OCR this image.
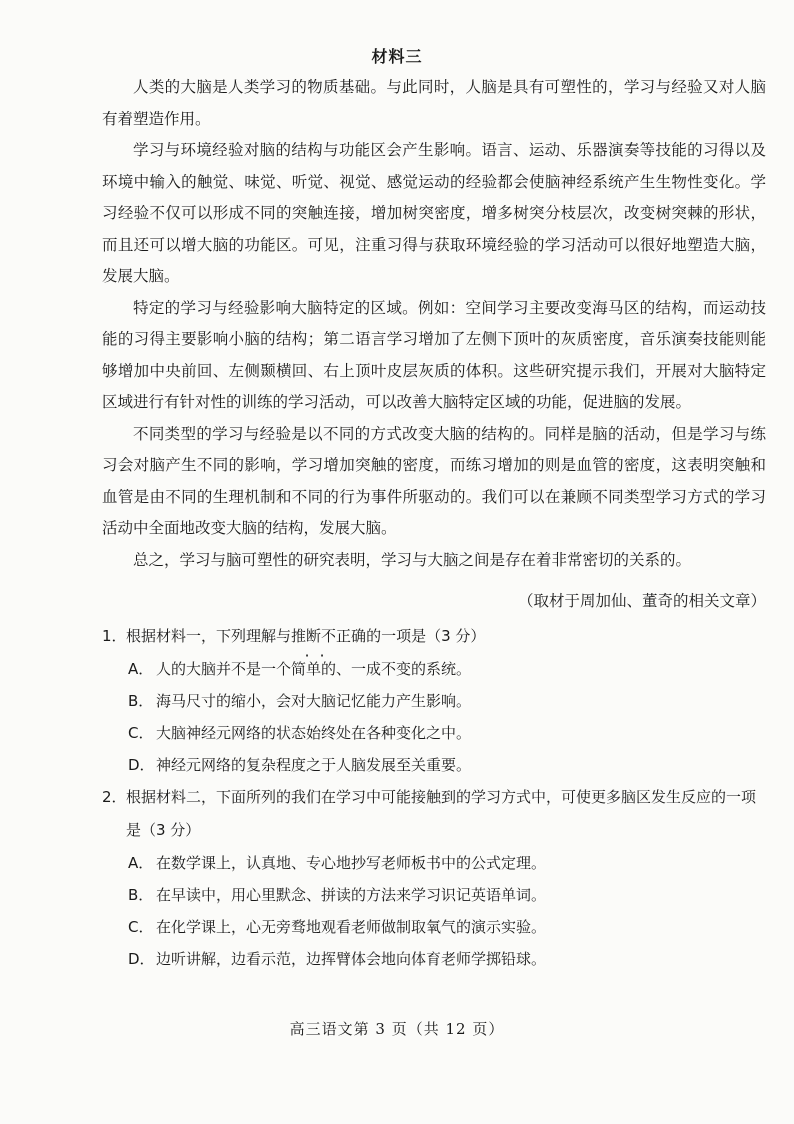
材料三

人类的大脑是人类学习的物质基础。与此同时，人脑是具有可塑性的，学习与经验又对人脑有着塑造作用。

学习与环境经验对脑的结构与功能区会产生影响。语言、运动、乐器演奏等技能的习得以及环境中输入的触觉、味觉、听觉、视觉、感觉运动的经验都会使脑神经系统产生生物性变化。学习经验不仅可以形成不同的突触连接，增加树突密度，增多树突分枝层次，改变树突棘的形状，而且还可以增大脑的功能区。可见，注重习得与获取环境经验的学习活动可以很好地塑造大脑，发展大脑。

特定的学习与经验影响大脑特定的区域。例如：空间学习主要改变海马区的结构，而运动技能的习得主要影响小脑的结构；第二语言学习增加了左侧下顶叶的灰质密度，音乐演奏技能则能够增加中央前回、左侧颞横回、右上顶叶皮层灰质的体积。这些研究提示我们，开展对大脑特定区域进行有针对性的训练的学习活动，可以改善大脑特定区域的功能，促进脑的发展。

不同类型的学习与经验是以不同的方式改变大脑的结构的。同样是脑的活动，但是学习与练习会对脑产生不同的影响，学习增加突触的密度，而练习增加的则是血管的密度，这表明突触和血管是由不同的生理机制和不同的行为事件所驱动的。我们可以在兼顾不同类型学习方式的学习活动中全面地改变大脑的结构，发展大脑。

总之，学习与脑可塑性的研究表明，学习与大脑之间是存在着非常密切的关系的。

（取材于周加仙、董奇的相关文章）
1．根据材料一，下列理解与推断不正确的一项是（3 分）
A． 人的大脑并不是一个简单的、一成不变的系统。
B． 海马尺寸的缩小，会对大脑记忆能力产生影响。
C． 大脑神经元网络的状态始终处在各种变化之中。
D．神经元网络的复杂程度之于人脑发展至关重要。
2．根据材料二，下面所列的我们在学习中可能接触到的学习方式中，可使更多脑区发生反应的一项是（3 分）
A． 在数学课上，认真地、专心地抄写老师板书中的公式定理。
B． 在早读中，用心里默念、拼读的方法来学习识记英语单词。
C． 在化学课上，心无旁骛地观看老师做制取氧气的演示实验。
D．边听讲解，边看示范，边挥臂体会地向体育老师学掷铅球。
高三语文第 3 页（共 12 页）
